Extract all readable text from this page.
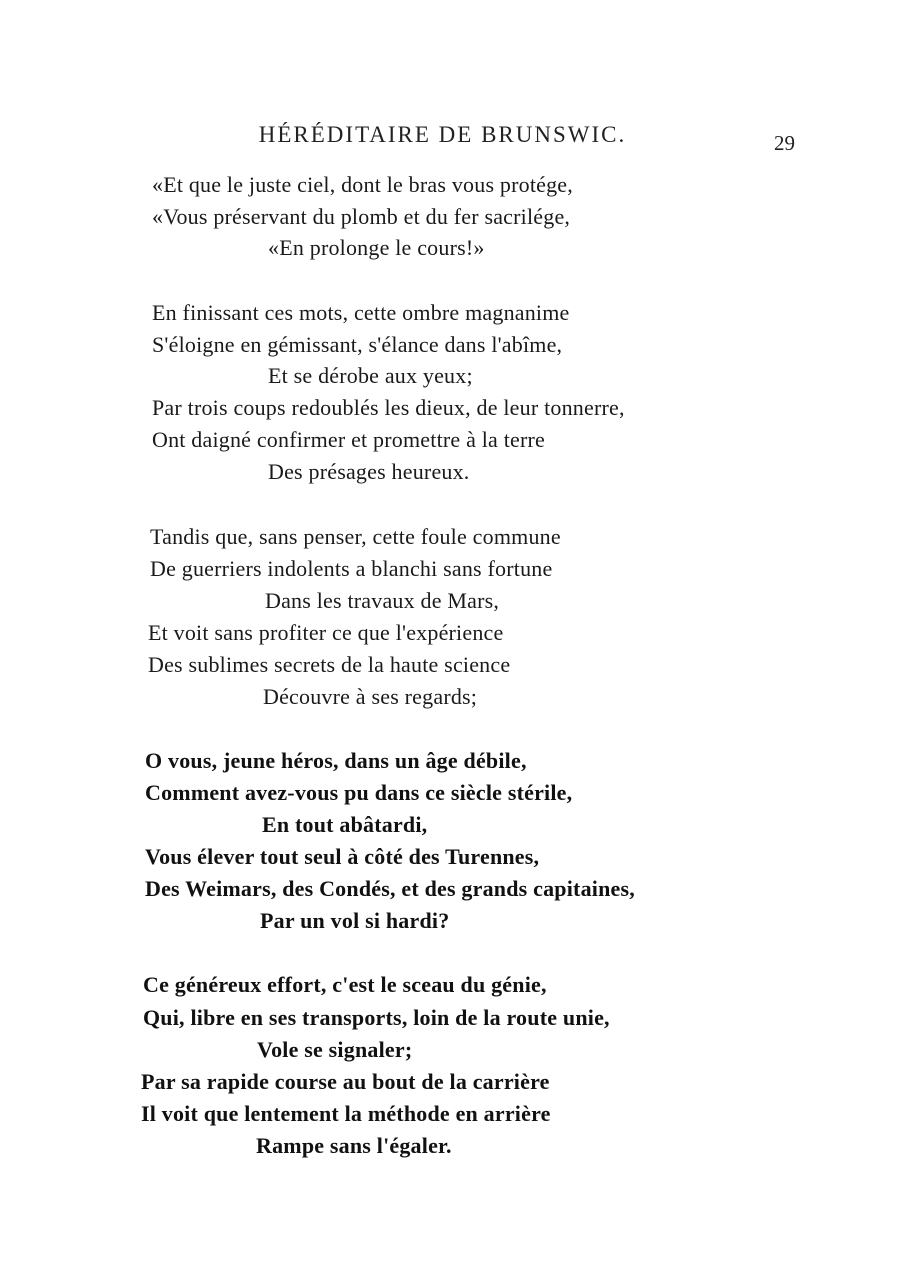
HÉRÉDITAIRE DE BRUNSWIC.	29
«Et que le juste ciel, dont le bras vous protége,
«Vous préservant du plomb et du fer sacrilége,
«En prolonge le cours!»
En finissant ces mots, cette ombre magnanime
S'éloigne en gémissant, s'élance dans l'abîme,
Et se dérobe aux yeux;
Par trois coups redoublés les dieux, de leur tonnerre,
Ont daigné confirmer et promettre à la terre
Des présages heureux.
Tandis que, sans penser, cette foule commune
De guerriers indolents a blanchi sans fortune
Dans les travaux de Mars,
Et voit sans profiter ce que l'expérience
Des sublimes secrets de la haute science
Découvre à ses regards;
O vous, jeune héros, dans un âge débile,
Comment avez-vous pu dans ce siècle stérile,
En tout abâtardi,
Vous élever tout seul à côté des Turennes,
Des Weimars, des Condés, et des grands capitaines,
Par un vol si hardi?
Ce généreux effort, c'est le sceau du génie,
Qui, libre en ses transports, loin de la route unie,
Vole se signaler;
Par sa rapide course au bout de la carrière
Il voit que lentement la méthode en arrière
Rampe sans l'égaler.
